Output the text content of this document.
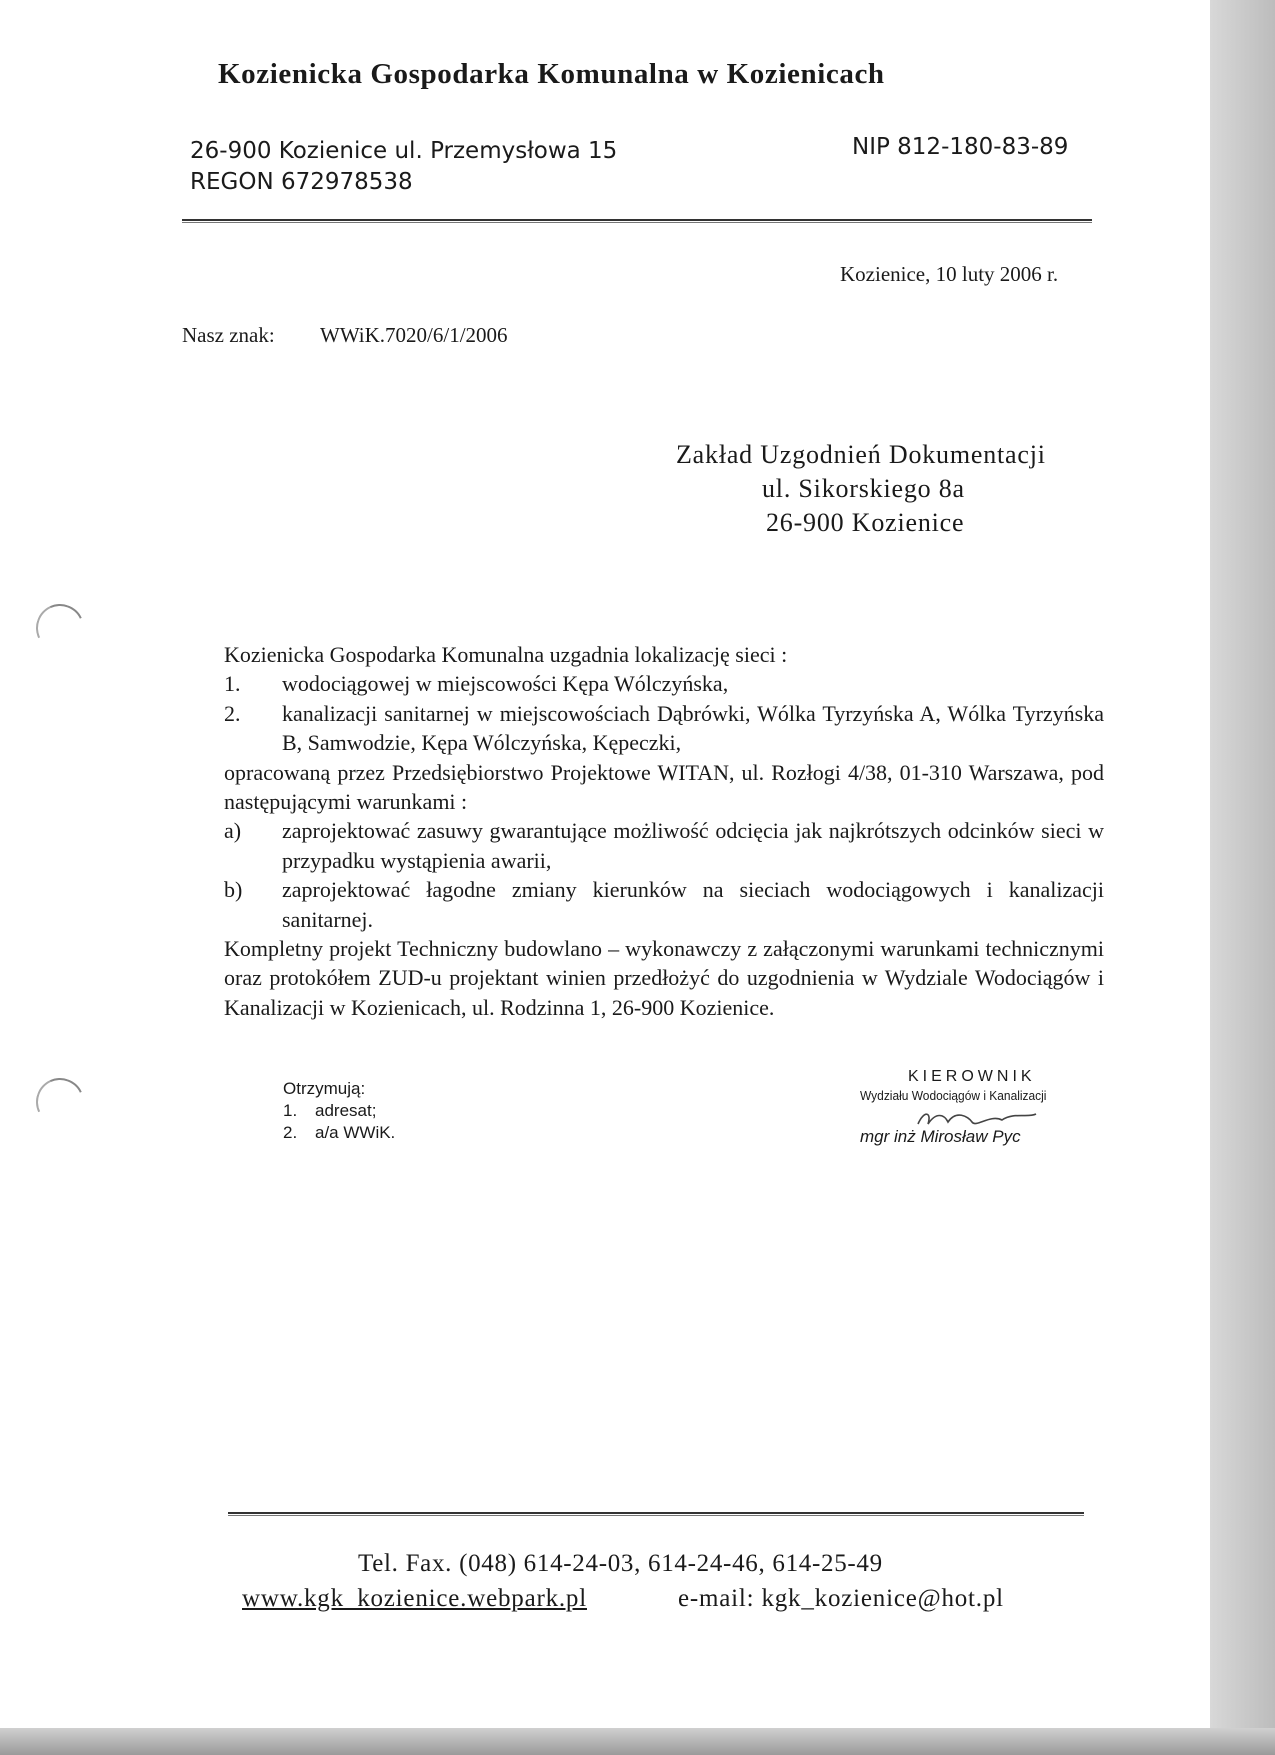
Kozienicka Gospodarka Komunalna w Kozienicach
26-900 Kozienice ul. Przemysłowa 15
REGON 672978538
NIP 812-180-83-89
Kozienice, 10 luty 2006 r.
Nasz znak: WWiK.7020/6/1/2006
Zakład Uzgodnień Dokumentacji
ul. Sikorskiego 8a
26-900 Kozienice

Kozienicka Gospodarka Komunalna uzgadnia lokalizację sieci :

1. wodociągowej w miejscowości Kępa Wólczyńska,

2. kanalizacji sanitarnej w miejscowościach Dąbrówki, Wólka Tyrzyńska A, Wólka Tyrzyńska B, Samwodzie, Kępa Wólczyńska, Kępeczki,

opracowaną przez Przedsiębiorstwo Projektowe WITAN, ul. Rozłogi 4/38, 01-310 Warszawa, pod następującymi warunkami :

a) zaprojektować zasuwy gwarantujące możliwość odcięcia jak najkrótszych odcinków sieci w przypadku wystąpienia awarii,

b) zaprojektować łagodne zmiany kierunków na sieciach wodociągowych i kanalizacji sanitarnej.

Kompletny projekt Techniczny budowlano – wykonawczy z załączonymi warunkami technicznymi oraz protokółem ZUD-u projektant winien przedłożyć do uzgodnienia w Wydziale Wodociągów i Kanalizacji w Kozienicach, ul. Rodzinna 1, 26-900 Kozienice.

Otrzymują:
1. adresat;
2. a/a WWiK.
KIEROWNIK
Wydziału Wodociągów i Kanalizacji
mgr inż Mirosław Pyc
Tel. Fax. (048) 614-24-03, 614-24-46, 614-25-49
www.kgk_kozienice.webpark.pl	e-mail: kgk_kozienice@hot.pl
